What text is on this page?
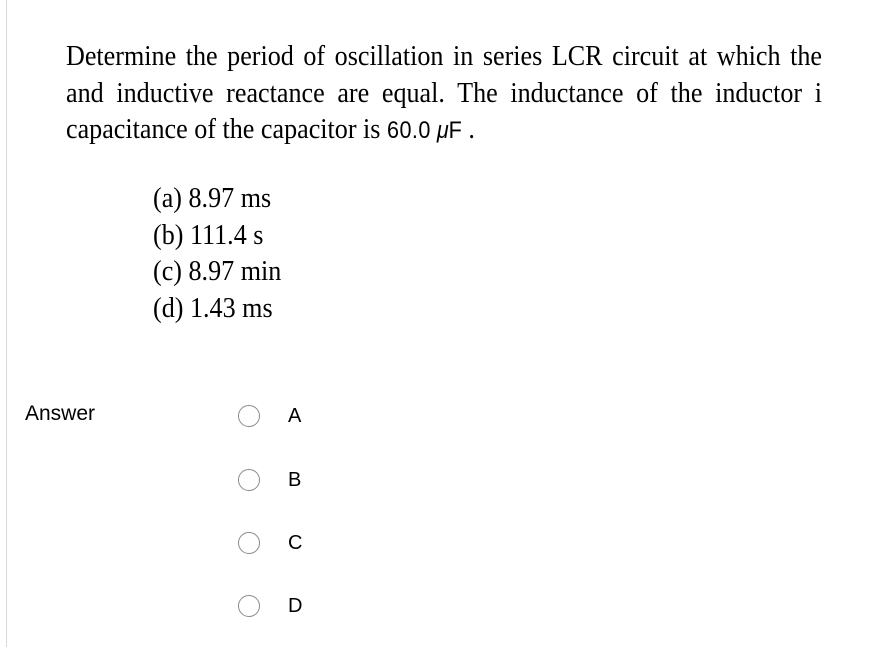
Determine the period of oscillation in series LCR circuit at which the
and inductive reactance are equal. The inductance of the inductor i
capacitance of the capacitor is 60.0 μF .
(a) 8.97 ms
(b) 111.4 s
(c) 8.97 min
(d) 1.43 ms
Answer	A
B
C
D
